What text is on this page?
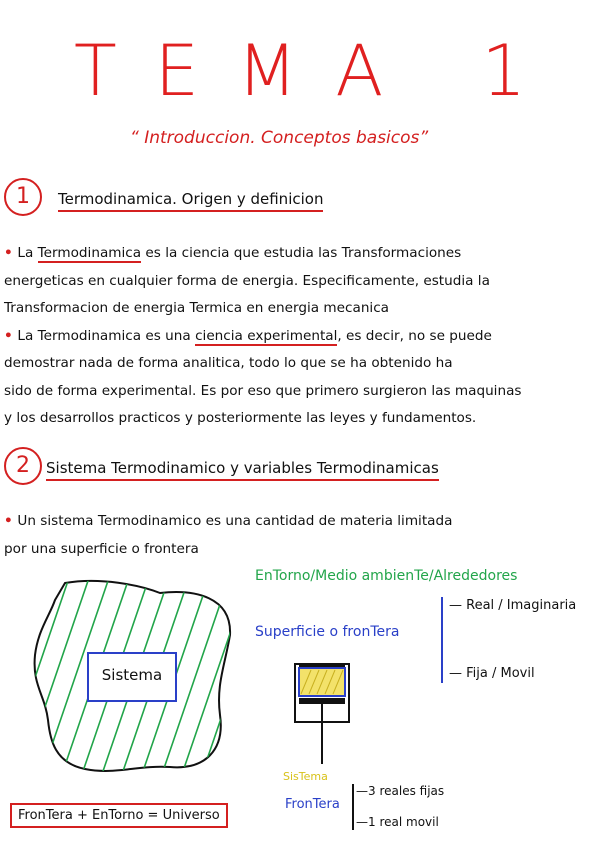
TEMA 1
“ Introduccion. Conceptos basicos”
1	Termodinamica. Origen y definicion
• La Termodinamica es la ciencia que estudia las Transformaciones
energeticas en cualquier forma de energia. Especificamente, estudia la
Transformacion de energia Termica en energia mecanica
• La Termodinamica es una ciencia experimental, es decir, no se puede
demostrar nada de forma analitica, todo lo que se ha obtenido ha
sido de forma experimental. Es por eso que primero surgieron las maquinas
y los desarrollos practicos y posteriormente las leyes y fundamentos.
2	Sistema Termodinamico y variables Termodinamicas
• Un sistema Termodinamico es una cantidad de materia limitada
por una superficie o frontera
Sistema
EnTorno/Medio ambienTe/Alrededores
Superficie o fronTera
— Real / Imaginaria
— Fija / Movil
SisTema
FronTera
—3 reales fijas
—1 real movil
FronTera + EnTorno = Universo
